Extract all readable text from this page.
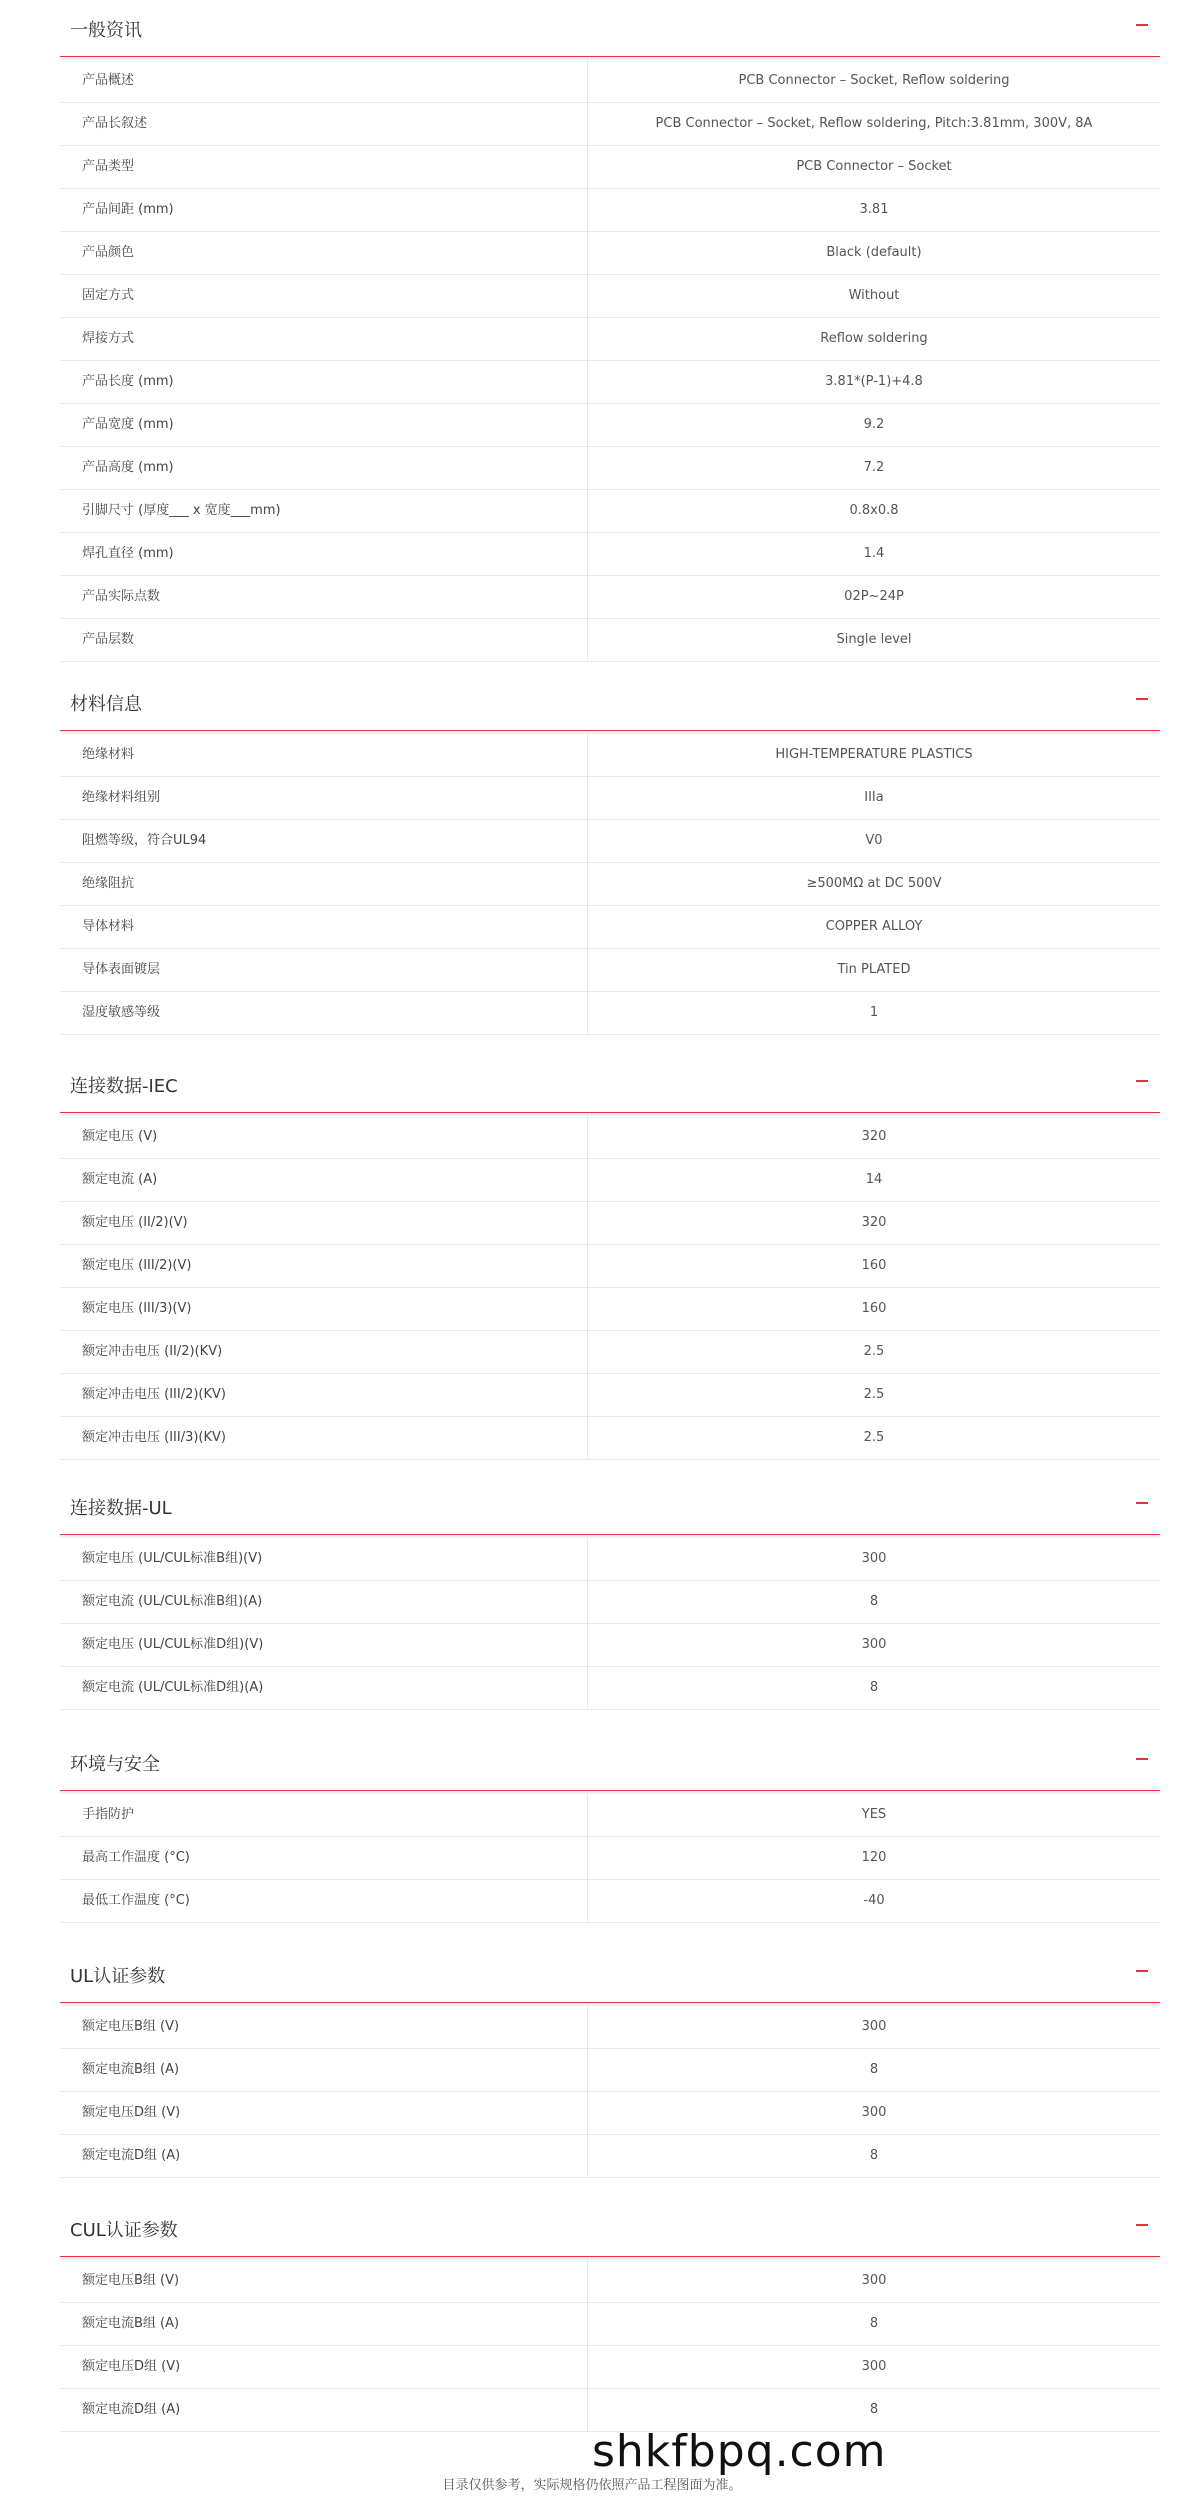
一般资讯
产品概述	PCB Connector – Socket, Reflow soldering
产品长叙述	PCB Connector – Socket, Reflow soldering, Pitch:3.81mm, 300V, 8A
产品类型	PCB Connector – Socket
产品间距 (mm)	3.81
产品颜色	Black (default)
固定方式	Without
焊接方式	Reflow soldering
产品长度 (mm)	3.81*(P-1)+4.8
产品宽度 (mm)	9.2
产品高度 (mm)	7.2
引脚尺寸 (厚度___ x 宽度___mm)	0.8x0.8
焊孔直径 (mm)	1.4
产品实际点数	02P~24P
产品层数	Single level
材料信息
绝缘材料	HIGH-TEMPERATURE PLASTICS
绝缘材料组别	IIIa
阻燃等级，符合UL94	V0
绝缘阻抗	≥500MΩ at DC 500V
导体材料	COPPER ALLOY
导体表面镀层	Tin PLATED
湿度敏感等级	1
连接数据-IEC
额定电压 (V)	320
额定电流 (A)	14
额定电压 (II/2)(V)	320
额定电压 (III/2)(V)	160
额定电压 (III/3)(V)	160
额定冲击电压 (II/2)(KV)	2.5
额定冲击电压 (III/2)(KV)	2.5
额定冲击电压 (III/3)(KV)	2.5
连接数据-UL
额定电压 (UL/CUL标准B组)(V)	300
额定电流 (UL/CUL标准B组)(A)	8
额定电压 (UL/CUL标准D组)(V)	300
额定电流 (UL/CUL标准D组)(A)	8
环境与安全
手指防护	YES
最高工作温度 (°C)	120
最低工作温度 (°C)	-40
UL认证参数
额定电压B组 (V)	300
额定电流B组 (A)	8
额定电压D组 (V)	300
额定电流D组 (A)	8
CUL认证参数
额定电压B组 (V)	300
额定电流B组 (A)	8
额定电压D组 (V)	300
额定电流D组 (A)	8
shkfbpq.com
目录仅供参考，实际规格仍依照产品工程图面为准。
